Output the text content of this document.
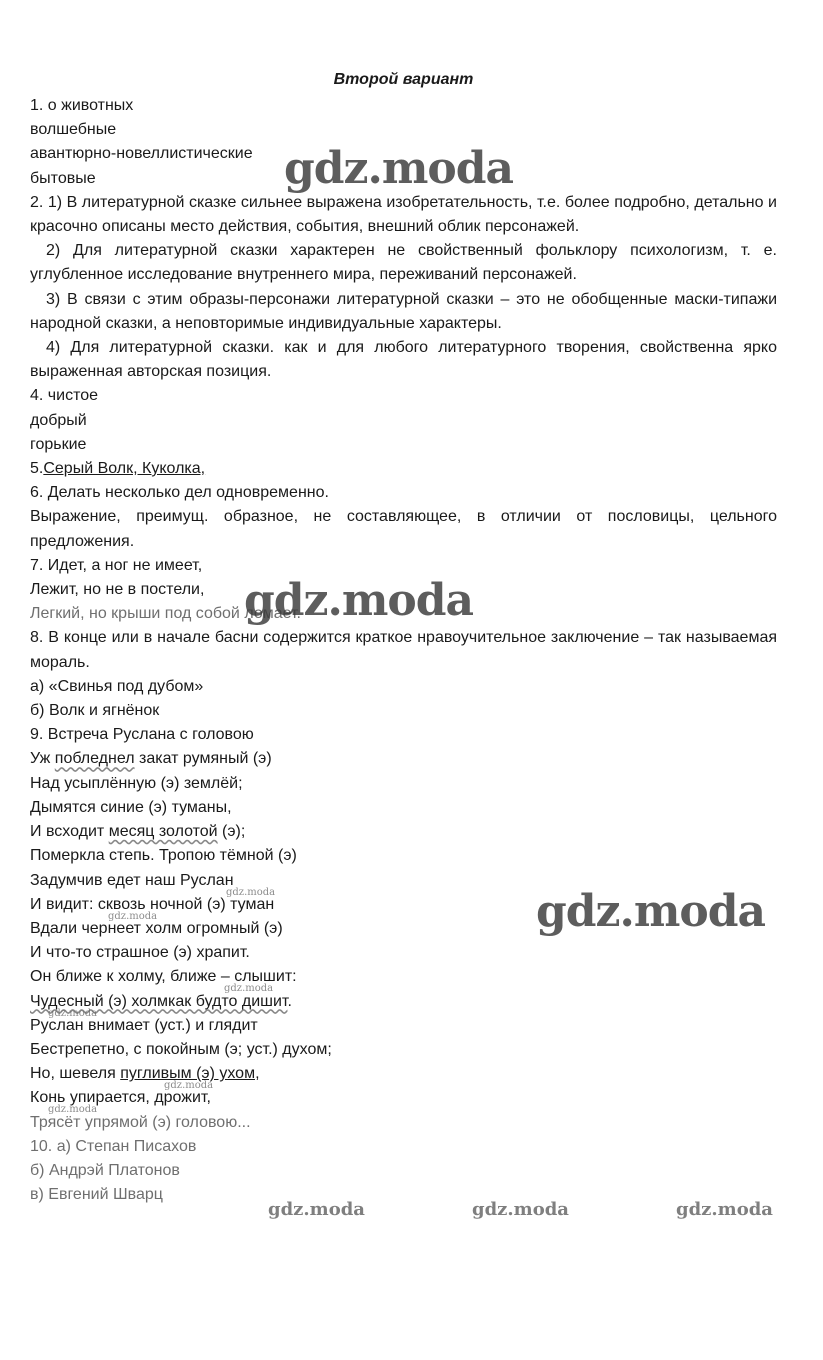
Второй вариант

1. о животных

волшебные

авантюрно-новеллистические

бытовые

2. 1) В литературной сказке сильнее выражена изобретательность, т.е. более подробно, детально и красочно описаны место действия, события, внешний облик персонажей.

2) Для литературной сказки характерен не свойственный фольклору психологизм, т. е. углубленное исследование внутреннего мира, переживаний персонажей.

3) В связи с этим образы-персонажи литературной сказки – это не обобщенные маски-типажи народной сказки, а неповторимые индивидуальные характеры.

4) Для литературной сказки. как и для любого литературного творения, свойственна ярко выраженная авторская позиция.

4. чистое

добрый

горькие

5.Серый Волк, Куколка,

6. Делать несколько дел одновременно.

Выражение, преимущ. образное, не составляющее, в отличии от пословицы, цельного предложения.

7. Идет, а ног не имеет,

Лежит, но не в постели,

Легкий, но крыши под собой ломает.

8. В конце или в начале басни содержится краткое нравоучительное заключение – так называемая мораль.

а) «Свинья под дубом»

б) Волк и ягнёнок

9. Встреча Руслана с головою

Уж побледнел закат румяный (э)

Над усыплённую (э) землёй;

Дымятся синие (э) туманы,

И всходит месяц золотой (э);

Померкла степь. Тропою тёмной (э)

Задумчив едет наш Руслан

И видит: сквозь ночной (э) туман

Вдали чернеет холм огромный (э)

И что-то страшное (э) храпит.

Он ближе к холму, ближе – слышит:

Чудесный (э) холмкак будто дишит.

Руслан внимает (уст.) и глядит

Бестрепетно, с покойным (э; уст.) духом;

Но, шевеля пугливым (э) ухом,

Конь упирается, дрожит,

Трясёт упрямой (э) головою...

10. а) Степан Писахов

б) Андрэй Платонов

в) Евгений Шварц

gdz.moda
gdz.moda
gdz.moda
gdz.moda
gdz.moda
gdz.moda
gdz.moda
gdz.moda
gdz.moda
gdz.moda	gdz.moda	gdz.moda
